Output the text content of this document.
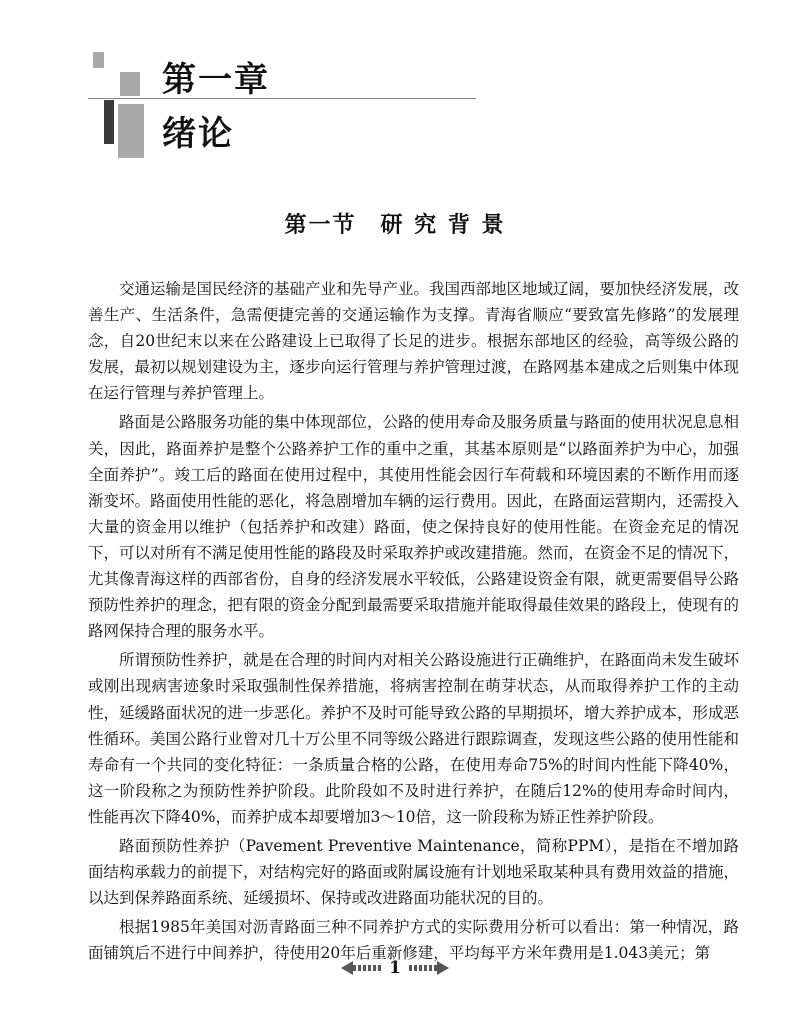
第一章
绪论
第一节　研 究 背 景

交通运输是国民经济的基础产业和先导产业。我国西部地区地域辽阔，要加快经济发展，改善生产、生活条件，急需便捷完善的交通运输作为支撑。青海省顺应“要致富先修路”的发展理念，自20世纪末以来在公路建设上已取得了长足的进步。根据东部地区的经验，高等级公路的发展，最初以规划建设为主，逐步向运行管理与养护管理过渡，在路网基本建成之后则集中体现在运行管理与养护管理上。

路面是公路服务功能的集中体现部位，公路的使用寿命及服务质量与路面的使用状况息息相关，因此，路面养护是整个公路养护工作的重中之重，其基本原则是“以路面养护为中心，加强全面养护”。竣工后的路面在使用过程中，其使用性能会因行车荷载和环境因素的不断作用而逐渐变坏。路面使用性能的恶化，将急剧增加车辆的运行费用。因此，在路面运营期内，还需投入大量的资金用以维护（包括养护和改建）路面，使之保持良好的使用性能。在资金充足的情况下，可以对所有不满足使用性能的路段及时采取养护或改建措施。然而，在资金不足的情况下，尤其像青海这样的西部省份，自身的经济发展水平较低，公路建设资金有限，就更需要倡导公路预防性养护的理念，把有限的资金分配到最需要采取措施并能取得最佳效果的路段上，使现有的路网保持合理的服务水平。

所谓预防性养护，就是在合理的时间内对相关公路设施进行正确维护，在路面尚未发生破坏或刚出现病害迹象时采取强制性保养措施，将病害控制在萌芽状态，从而取得养护工作的主动性，延缓路面状况的进一步恶化。养护不及时可能导致公路的早期损坏，增大养护成本，形成恶性循环。美国公路行业曾对几十万公里不同等级公路进行跟踪调查，发现这些公路的使用性能和寿命有一个共同的变化特征：一条质量合格的公路，在使用寿命75%的时间内性能下降40%，这一阶段称之为预防性养护阶段。此阶段如不及时进行养护，在随后12%的使用寿命时间内，性能再次下降40%，而养护成本却要增加3～10倍，这一阶段称为矫正性养护阶段。

路面预防性养护（Pavement Preventive Maintenance，简称PPM），是指在不增加路面结构承载力的前提下，对结构完好的路面或附属设施有计划地采取某种具有费用效益的措施，以达到保养路面系统、延缓损坏、保持或改进路面功能状况的目的。

根据1985年美国对沥青路面三种不同养护方式的实际费用分析可以看出：第一种情况，路面铺筑后不进行中间养护，待使用20年后重新修建，平均每平方米年费用是1.043美元；第

1
